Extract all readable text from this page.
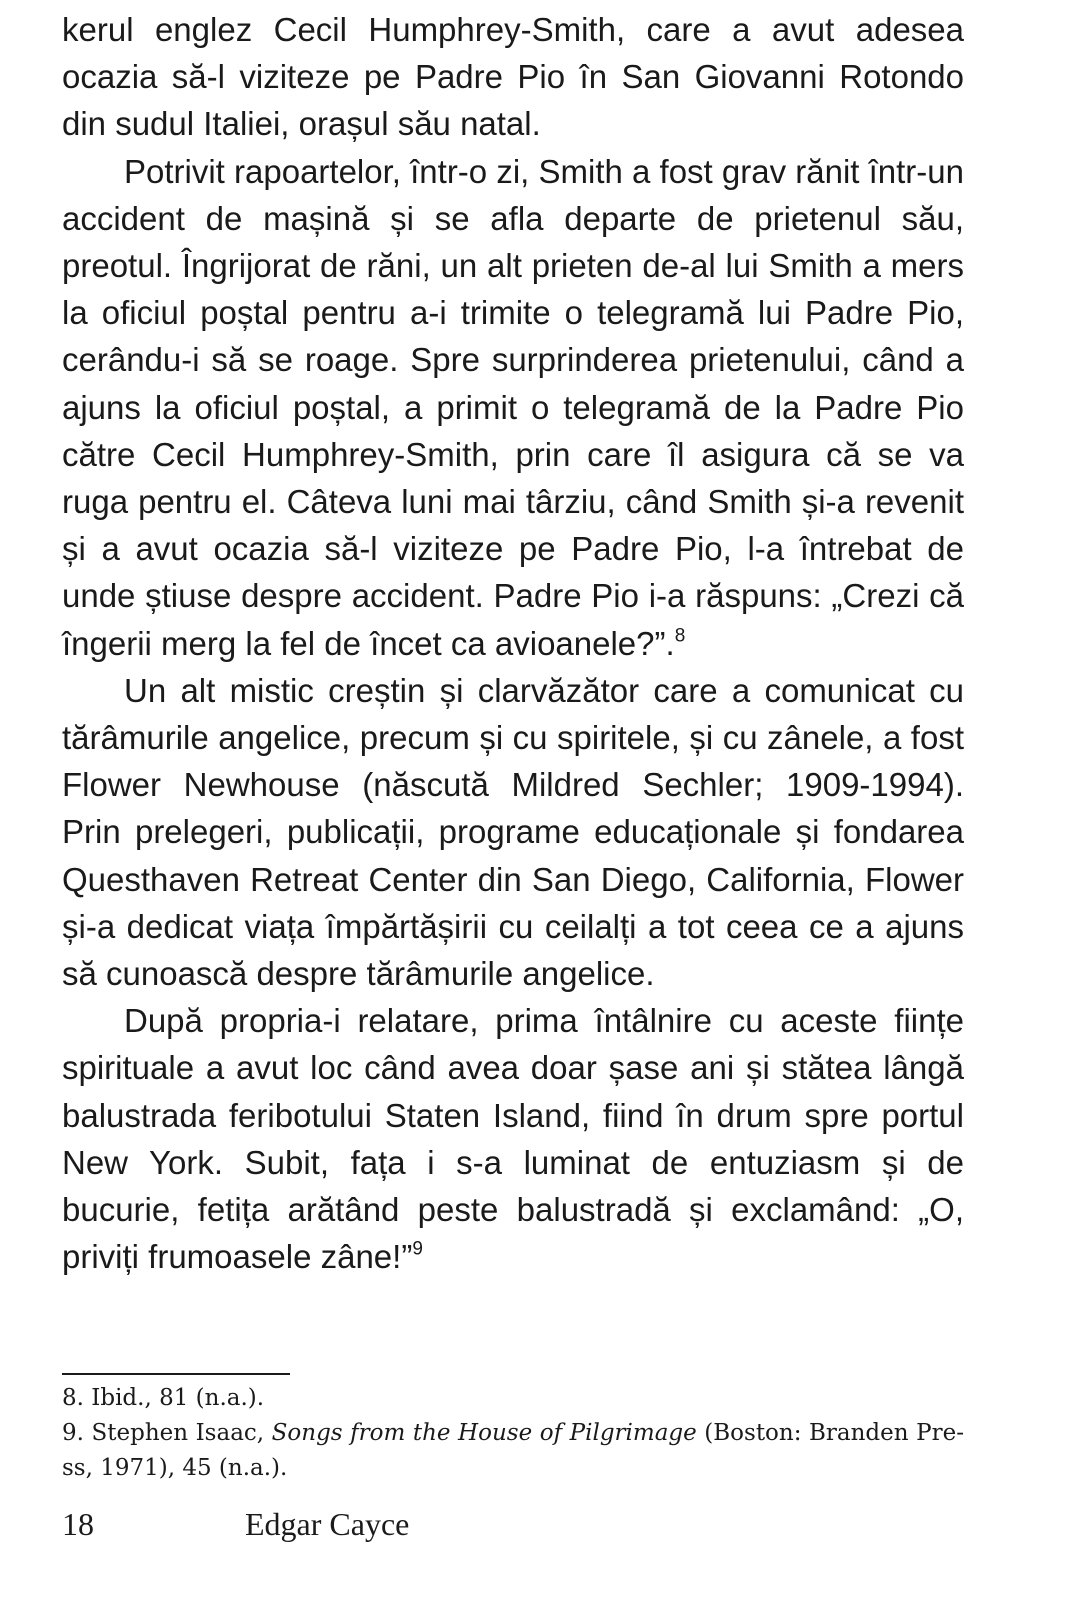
kerul englez Cecil Humphrey-Smith, care a avut adesea ocazia să-l viziteze pe Padre Pio în San Giovanni Rotondo din sudul Italiei, orașul său natal.

Potrivit rapoartelor, într-o zi, Smith a fost grav rănit într-un accident de mașină și se afla departe de prietenul său, preotul. Îngrijorat de răni, un alt prieten de-al lui Smith a mers la oficiul poștal pentru a-i trimite o telegramă lui Padre Pio, cerându-i să se roage. Spre surprinderea prietenului, când a ajuns la oficiul poștal, a primit o telegramă de la Padre Pio către Cecil Humphrey-Smith, prin care îl asigura că se va ruga pentru el. Câteva luni mai târziu, când Smith și-a revenit și a avut ocazia să-l viziteze pe Padre Pio, l-a întrebat de unde știuse despre accident. Padre Pio i-a răspuns: „Crezi că îngerii merg la fel de încet ca avioanele?”.$^8$

Un alt mistic creștin și clarvăzător care a comunicat cu tărâmurile angelice, precum și cu spiritele, și cu zânele, a fost Flower Newhouse (născută Mildred Sechler; 1909-1994). Prin prelegeri, publicații, programe educaționale și fondarea Questhaven Retreat Center din San Diego, California, Flower și-a dedicat viața împărtășirii cu ceilalți a tot ceea ce a ajuns să cunoască despre tărâmurile angelice.

După propria-i relatare, prima întâlnire cu aceste ființe spirituale a avut loc când avea doar șase ani și stătea lângă balustrada feribotului Staten Island, fiind în drum spre portul New York. Subit, fața i s-a luminat de entuziasm și de bucurie, fetița arătând peste balustradă și exclamând: „O, priviți frumoasele zâne!”$^9$

8. Ibid., 81 (n.a.).

9. Stephen Isaac, Songs from the House of Pilgrimage (Boston: Branden Press, 1971), 45 (n.a.).

18	Edgar Cayce
